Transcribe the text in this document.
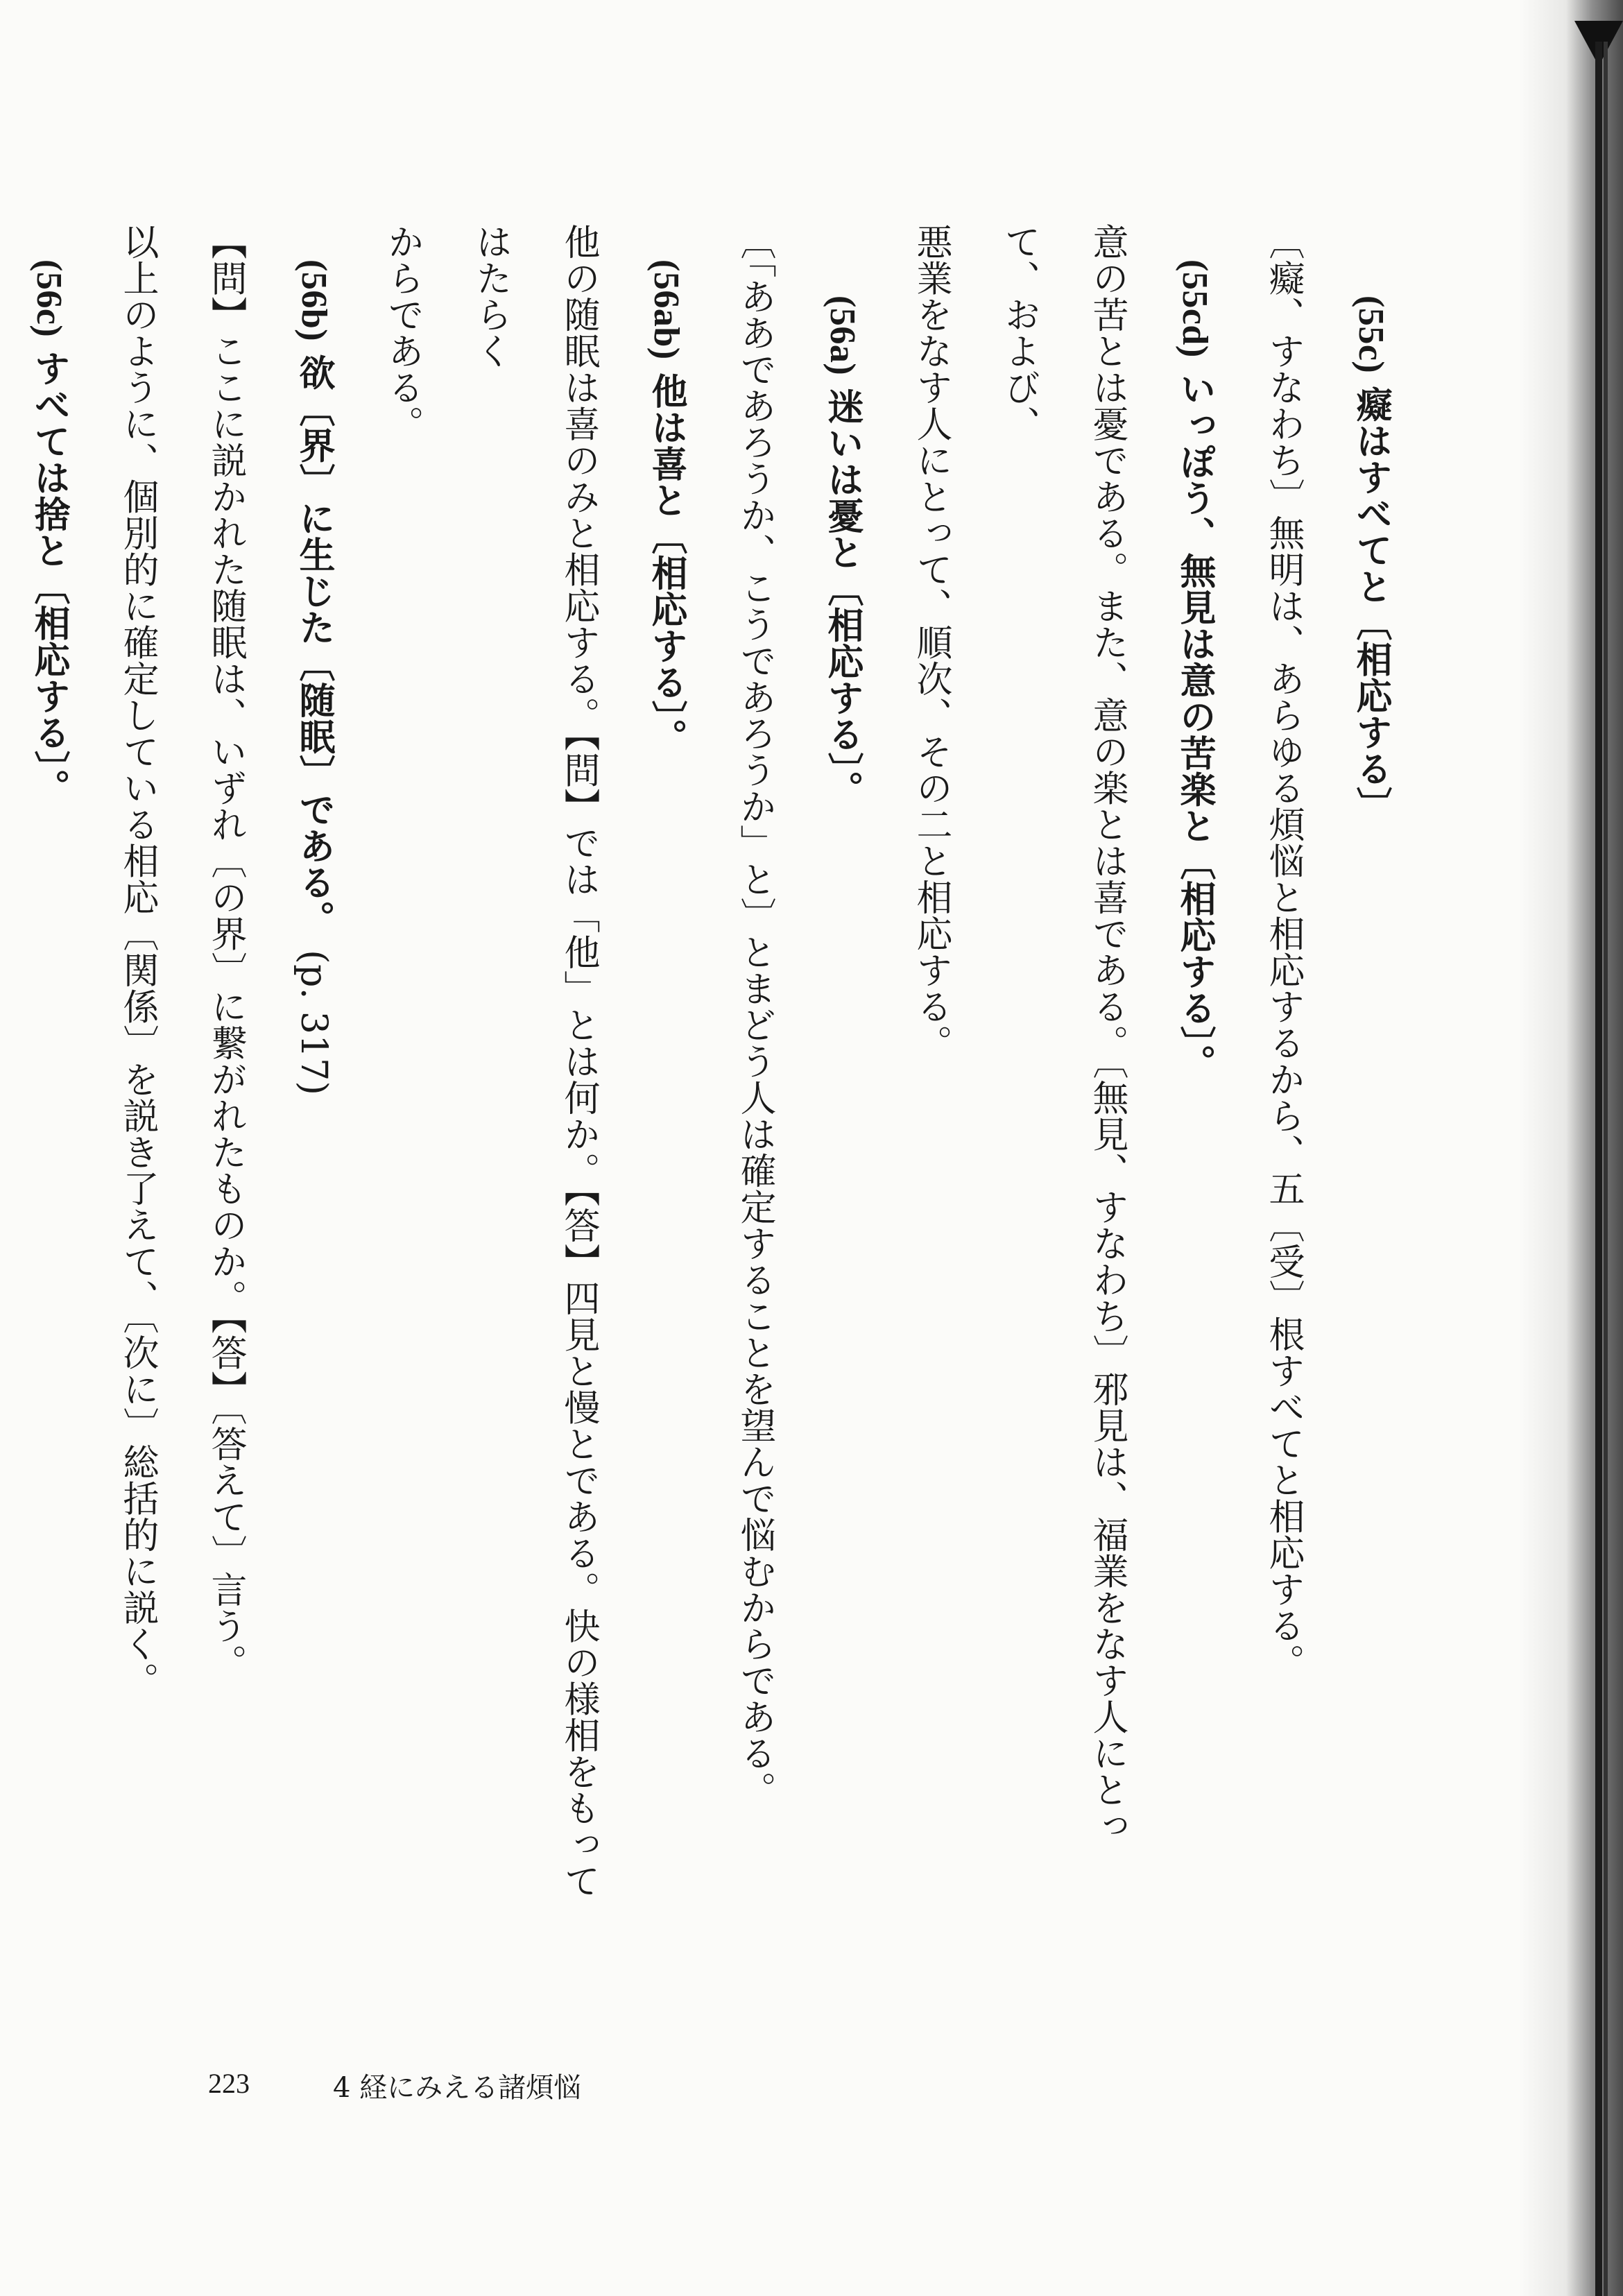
(55c) 癡はすべてと〔相応する〕

〔癡、すなわち〕無明は、あらゆる煩悩と相応するから、五〔受〕根すべてと相応する。

(55cd) いっぽう、無見は意の苦楽と〔相応する〕。

意の苦とは憂である。また、意の楽とは喜である。〔無見、すなわち〕邪見は、福業をなす人にとって、および、

悪業をなす人にとって、順次、その二と相応する。

(56a) 迷いは憂と〔相応する〕。

〔「ああであろうか、こうであろうか」と〕とまどう人は確定することを望んで悩むからである。

(56ab) 他は喜と〔相応する〕。

他の随眠は喜のみと相応する。【問】では「他」とは何か。【答】四見と慢とである。快の様相をもってはたらく

からである。

(56b) 欲〔界〕に生じた〔随眠〕である。 (p. 317)

【問】ここに説かれた随眠は、いずれ〔の界〕に繋がれたものか。【答】〔答えて〕言う。

以上のように、個別的に確定している相応〔関係〕を説き了えて、〔次に〕総括的に説く。

(56c) すべては捨と〔相応する〕。

223	4 経にみえる諸煩悩
